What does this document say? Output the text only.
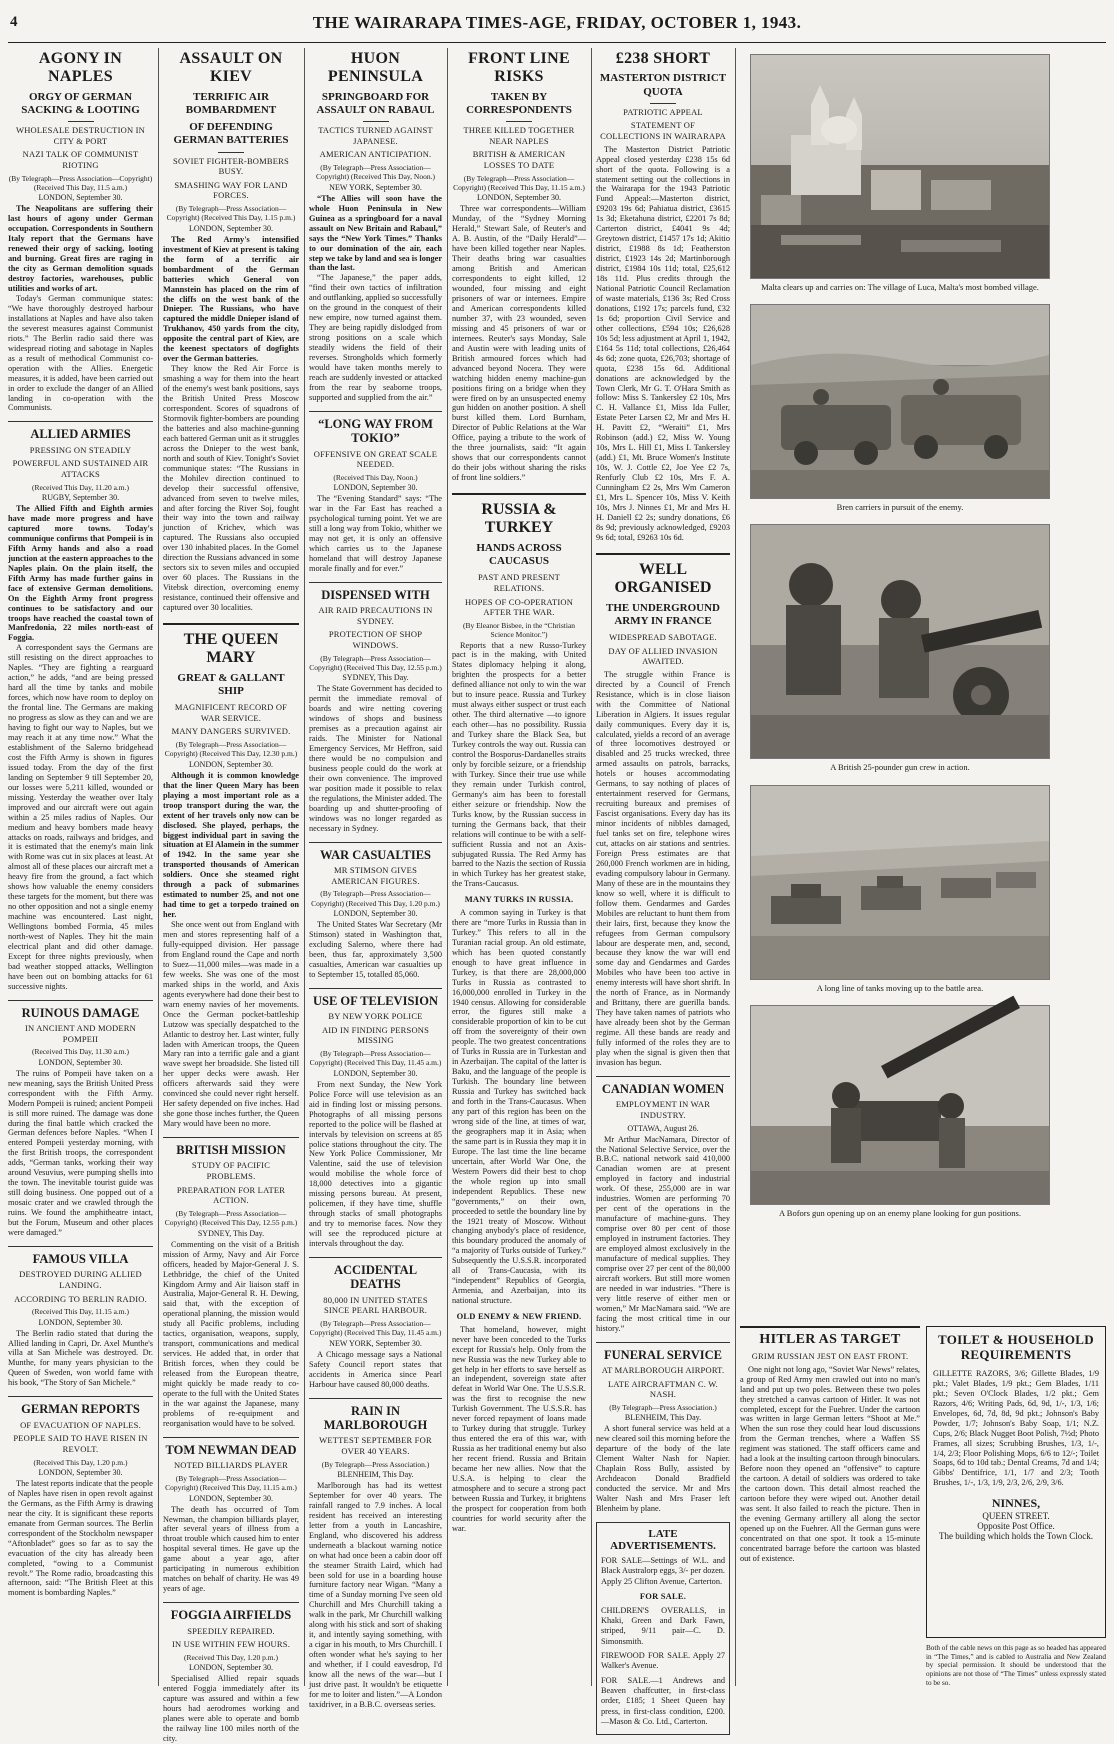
4	THE WAIRARAPA TIMES-AGE, FRIDAY, OCTOBER 1, 1943.
AGONY IN NAPLES
ORGY OF GERMAN SACKING & LOOTING
WHOLESALE DESTRUCTION IN CITY & PORT
NAZI TALK OF COMMUNIST RIOTING
(By Telegraph—Press Association—Copyright) (Received This Day, 11.5 a.m.)
LONDON, September 30.

The Neapolitans are suffering their last hours of agony under German occupation. Correspondents in Southern Italy report that the Germans have renewed their orgy of sacking, looting and burning. Great fires are raging in the city as German demolition squads destroy factories, warehouses, public utilities and works of art.

Today's German communique states: “We have thoroughly destroyed harbour installations at Naples and have also taken the severest measures against Communist riots.” The Berlin radio said there was widespread rioting and sabotage in Naples as a result of methodical Communist co-operation with the Allies. Energetic measures, it is added, have been carried out in order to exclude the danger of an Allied landing in co-operation with the Communists.

ALLIED ARMIES
PRESSING ON STEADILY
POWERFUL AND SUSTAINED AIR ATTACKS
(Received This Day, 11.20 a.m.)
RUGBY, September 30.

The Allied Fifth and Eighth armies have made more progress and have captured more towns. Today's communique confirms that Pompeii is in Fifth Army hands and also a road junction at the eastern approaches to the Naples plain. On the plain itself, the Fifth Army has made further gains in face of extensive German demolitions. On the Eighth Army front progress continues to be satisfactory and our troops have reached the coastal town of Manfredonia, 22 miles north-east of Foggia.

A correspondent says the Germans are still resisting on the direct approaches to Naples. “They are fighting a rearguard action,” he adds, “and are being pressed hard all the time by tanks and mobile forces, which now have room to deploy on the frontal line. The Germans are making no progress as slow as they can and we are having to fight our way to Naples, but we may reach it at any time now.” What the establishment of the Salerno bridgehead cost the Fifth Army is shown in figures issued today. From the day of the first landing on September 9 till September 20, our losses were 5,211 killed, wounded or missing. Yesterday the weather over Italy improved and our aircraft were out again within a 25 miles radius of Naples. Our medium and heavy bombers made heavy attacks on roads, railways and bridges, and it is estimated that the enemy's main link with Rome was cut in six places at least. At almost all of these places our aircraft met a heavy fire from the ground, a fact which shows how valuable the enemy considers these targets for the moment, but there was no other opposition and not a single enemy machine was encountered. Last night, Wellingtons bombed Formia, 45 miles north-west of Naples. They hit the main electrical plant and did other damage. Except for three nights previously, when bad weather stopped attacks, Wellington have been out on bombing attacks for 61 successive nights.

RUINOUS DAMAGE
IN ANCIENT AND MODERN POMPEII
(Received This Day, 11.30 a.m.)
LONDON, September 30.

The ruins of Pompeii have taken on a new meaning, says the British United Press correspondent with the Fifth Army. Modern Pompeii is ruined; ancient Pompeii is still more ruined. The damage was done during the final battle which cracked the German defences before Naples. “When I entered Pompeii yesterday morning, with the first British troops, the correspondent adds, “German tanks, working their way around Vesuvius, were pumping shells into the town. The inevitable tourist guide was still doing business. One popped out of a mosaic crater and we crawled through the ruins. We found the amphitheatre intact, but the Forum, Museum and other places were damaged.”

FAMOUS VILLA
DESTROYED DURING ALLIED LANDING.
ACCORDING TO BERLIN RADIO.
(Received This Day, 11.15 a.m.)
LONDON, September 30.

The Berlin radio stated that during the Allied landing in Capri, Dr. Axel Munthe's villa at San Michele was destroyed. Dr. Munthe, for many years physician to the Queen of Sweden, won world fame with his book, “The Story of San Michele.”

GERMAN REPORTS
OF EVACUATION OF NAPLES.
PEOPLE SAID TO HAVE RISEN IN REVOLT.
(Received This Day, 1.20 p.m.)
LONDON, September 30.

The latest reports indicate that the people of Naples have risen in open revolt against the Germans, as the Fifth Army is drawing near the city. It is significant these reports emanate from German sources. The Berlin correspondent of the Stockholm newspaper “Aftonbladet” goes so far as to say the evacuation of the city has already been completed, “owing to a Communist revolt.” The Rome radio, broadcasting this afternoon, said: “The British Fleet at this moment is bombarding Naples.”

ASSAULT ON KIEV
TERRIFIC AIR BOMBARDMENT
OF DEFENDING GERMAN BATTERIES
SOVIET FIGHTER-BOMBERS BUSY.
SMASHING WAY FOR LAND FORCES.
(By Telegraph—Press Association—Copyright) (Received This Day, 1.15 p.m.)
LONDON, September 30.

The Red Army's intensified investment of Kiev at present is taking the form of a terrific air bombardment of the German batteries which General von Mannstein has placed on the rim of the cliffs on the west bank of the Dnieper. The Russians, who have captured the middle Dnieper island of Trukhanov, 450 yards from the city, opposite the central part of Kiev, are the keenest spectators of dogfights over the German batteries.

They know the Red Air Force is smashing a way for them into the heart of the enemy's west bank positions, says the British United Press Moscow correspondent. Scores of squadrons of Stormovik fighter-bombers are pounding the batteries and also machine-gunning each battered German unit as it struggles across the Dnieper to the west bank, north and south of Kiev. Tonight's Soviet communique states: “The Russians in the Mohilev direction continued to develop their successful offensive, advanced from seven to twelve miles, and after forcing the River Soj, fought their way into the town and railway junction of Krichev, which was captured. The Russians also occupied over 130 inhabited places. In the Gomel direction the Russians advanced in some sectors six to seven miles and occupied over 60 places. The Russians in the Vitebsk direction, overcoming enemy resistance, continued their offensive and captured over 30 localities.

THE QUEEN MARY
GREAT & GALLANT SHIP
MAGNIFICENT RECORD OF WAR SERVICE.
MANY DANGERS SURVIVED.
(By Telegraph—Press Association—Copyright) (Received This Day, 12.30 p.m.)
LONDON, September 30.

Although it is common knowledge that the liner Queen Mary has been playing a most important role as a troop transport during the war, the extent of her travels only now can be disclosed. She played, perhaps, the biggest individual part in saving the situation at El Alamein in the summer of 1942. In the same year she transported thousands of American soldiers. Once she steamed right through a pack of submarines estimated to number 25, and not one had time to get a torpedo trained on her.

She once went out from England with men and stores representing half of a fully-equipped division. Her passage from England round the Cape and north to Suez—11,000 miles—was made in a few weeks. She was one of the most marked ships in the world, and Axis agents everywhere had done their best to warn enemy navies of her movements. Once the German pocket-battleship Lutzow was specially despatched to the Atlantic to destroy her. Last winter, fully laden with American troops, the Queen Mary ran into a terrific gale and a giant wave swept her broadside. She listed till her upper decks were awash. Her officers afterwards said they were convinced she could never right herself. Her safety depended on five inches. Had she gone those inches further, the Queen Mary would have been no more.

BRITISH MISSION
STUDY OF PACIFIC PROBLEMS.
PREPARATION FOR LATER ACTION.
(By Telegraph—Press Association—Copyright) (Received This Day, 12.55 p.m.)
SYDNEY, This Day.

Commenting on the visit of a British mission of Army, Navy and Air Force officers, headed by Major-General J. S. Lethbridge, the chief of the United Kingdom Army and Air liaison staff in Australia, Major-General R. H. Dewing, said that, with the exception of operational planning, the mission would study all Pacific problems, including tactics, organisation, weapons, supply, transport, communications and medical services. He added that, in order that British forces, when they could be released from the European theatre, might quickly be made ready to co-operate to the full with the United States in the war against the Japanese, many problems of re-equipment and reorganisation would have to be solved.

TOM NEWMAN DEAD
NOTED BILLIARDS PLAYER
(By Telegraph—Press Association—Copyright) (Received This Day, 11.15 a.m.)
LONDON, September 30.

The death has occurred of Tom Newman, the champion billiards player, after several years of illness from a throat trouble which caused him to enter hospital several times. He gave up the game about a year ago, after participating in numerous exhibition matches on behalf of charity. He was 49 years of age.

FOGGIA AIRFIELDS
SPEEDILY REPAIRED.
IN USE WITHIN FEW HOURS.
(Received This Day, 1.20 p.m.)
LONDON, September 30.

Specialised Allied repair squads entered Foggia immediately after its capture was assured and within a few hours had aerodromes working and planes were able to operate and bomb the railway line 100 miles north of the city.

HUON PENINSULA
SPRINGBOARD FOR ASSAULT ON RABAUL
TACTICS TURNED AGAINST JAPANESE.
AMERICAN ANTICIPATION.
(By Telegraph—Press Association—Copyright) (Received This Day, Noon.)
NEW YORK, September 30.

“The Allies will soon have the whole Huon Peninsula in New Guinea as a springboard for a naval assault on New Britain and Rabaul,” says the “New York Times.” Thanks to our domination of the air, each step we take by land and sea is longer than the last.

“The Japanese,” the paper adds, “find their own tactics of infiltration and outflanking, applied so successfully on the ground in the conquest of their new empire, now turned against them. They are being rapidly dislodged from strong positions on a scale which steadily widens the field of their reverses. Strongholds which formerly would have taken months merely to reach are suddenly invested or attacked from the rear by seaborne troops, supported and supplied from the air.”

“LONG WAY FROM TOKIO”
OFFENSIVE ON GREAT SCALE NEEDED.
(Received This Day, Noon.)
LONDON, September 30.

The “Evening Standard” says: “The war in the Far East has reached a psychological turning point. Yet we are still a long way from Tokio, whither we may not get, it is only an offensive which carries us to the Japanese homeland that will destroy Japanese morale finally and for ever.”

DISPENSED WITH
AIR RAID PRECAUTIONS IN SYDNEY.
PROTECTION OF SHOP WINDOWS.
(By Telegraph—Press Association—Copyright) (Received This Day, 12.55 p.m.)
SYDNEY, This Day.

The State Government has decided to permit the immediate removal of boards and wire netting covering windows of shops and business premises as a precaution against air raids. The Minister for National Emergency Services, Mr Heffron, said there would be no compulsion and business people could do the work at their own convenience. The improved war position made it possible to relax the regulations, the Minister added. The boarding up and shutter-proofing of windows was no longer regarded as necessary in Sydney.

WAR CASUALTIES
MR STIMSON GIVES AMERICAN FIGURES.
(By Telegraph—Press Association—Copyright) (Received This Day, 1.20 p.m.)
LONDON, September 30.

The United States War Secretary (Mr Stimson) stated in Washington that, excluding Salerno, where there had been, thus far, approximately 3,500 casualties, American war casualties up to September 15, totalled 85,060.

USE OF TELEVISION
BY NEW YORK POLICE
AID IN FINDING PERSONS MISSING
(By Telegraph—Press Association—Copyright) (Received This Day, 11.45 a.m.)
LONDON, September 30.

From next Sunday, the New York Police Force will use television as an aid in finding lost or missing persons. Photographs of all missing persons reported to the police will be flashed at intervals by television on screens at 85 police stations throughout the city. The New York Police Commissioner, Mr Valentine, said the use of television would mobilise the whole force of 18,000 detectives into a gigantic missing persons bureau. At present, policemen, if they have time, shuffle through stacks of small photographs and try to memorise faces. Now they will see the reproduced picture at intervals throughout the day.

ACCIDENTAL DEATHS
80,000 IN UNITED STATES SINCE PEARL HARBOUR.
(By Telegraph—Press Association—Copyright) (Received This Day, 11.45 a.m.)
NEW YORK, September 30.

A Chicago message says a National Safety Council report states that accidents in America since Pearl Harbour have caused 80,000 deaths.

RAIN IN MARLBOROUGH
WETTEST SEPTEMBER FOR OVER 40 YEARS.
(By Telegraph—Press Association.)
BLENHEIM, This Day.

Marlborough has had its wettest September for over 40 years. The rainfall ranged to 7.9 inches. A local resident has received an interesting letter from a youth in Lancashire, England, who discovered his address underneath a blackout warning notice on what had once been a cabin door off the steamer Straith Laird, which had been sold for use in a boarding house furniture factory near Wigan. “Many a time of a Sunday morning I've seen old Churchill and Mrs Churchill taking a walk in the park, Mr Churchill walking along with his stick and sort of shaking it, and intently saying something, with a cigar in his mouth, to Mrs Churchill. I often wonder what he's saying to her and whether, if I could eavesdrop, I'd know all the news of the war—but I just drive past. It wouldn't be etiquette for me to loiter and listen.”—A London taxidriver, in a B.B.C. overseas series.

FRONT LINE RISKS
TAKEN BY CORRESPONDENTS
THREE KILLED TOGETHER NEAR NAPLES
BRITISH & AMERICAN LOSSES TO DATE
(By Telegraph—Press Association—Copyright) (Received This Day, 11.15 a.m.)
LONDON, September 30.

Three war correspondents—William Munday, of the “Sydney Morning Herald,” Stewart Sale, of Reuter's and A. B. Austin, of the “Daily Herald”—have been killed together near Naples. Their deaths bring war casualties among British and American correspondents to eight killed, 12 wounded, four missing and eight prisoners of war or internees. Empire and American correspondents killed number 37, with 23 wounded, seven missing and 45 prisoners of war or internees. Reuter's says Monday, Sale and Austin were with leading units of British armoured forces which had advanced beyond Nocera. They were watching hidden enemy machine-gun positions firing on a bridge when they were fired on by an unsuspected enemy gun hidden on another position. A shell burst killed them. Lord Burnham, Director of Public Relations at the War Office, paying a tribute to the work of the three journalists, said: “It again shows that our correspondents cannot do their jobs without sharing the risks of front line soldiers.”

RUSSIA & TURKEY
HANDS ACROSS CAUCASUS
PAST AND PRESENT RELATIONS.
HOPES OF CO-OPERATION AFTER THE WAR.
(By Eleanor Bisbee, in the “Christian Science Monitor.”)

Reports that a new Russo-Turkey pact is in the making, with United States diplomacy helping it along, brighten the prospects for a better defined alliance not only to win the war but to insure peace. Russia and Turkey must always either suspect or trust each other. The third alternative —to ignore each other—has no possibility. Russia and Turkey share the Black Sea, but Turkey controls the way out. Russia can control the Bosporus-Dardanelles straits only by forcible seizure, or a friendship with Turkey. Since their true use while they remain under Turkish control, Germany's aim has been to forestall either seizure or friendship. Now the Turks know, by the Russian success in turning the Germans back, that their relations will continue to be with a self-sufficient Russia and not an Axis-subjugated Russia. The Red Army has barred to the Nazis the section of Russia in which Turkey has her greatest stake, the Trans-Caucasus.

MANY TURKS IN RUSSIA.

A common saying in Turkey is that there are “more Turks in Russia than in Turkey.” This refers to all in the Turanian racial group. An old estimate, which has been quoted constantly enough to have great influence in Turkey, is that there are 28,000,000 Turks in Russia as contrasted to 16,000,000 enrolled in Turkey in the 1940 census. Allowing for considerable error, the figures still make a considerable proportion of kin to be cut off from the sovereignty of their own people. The two greatest concentrations of Turks in Russia are in Turkestan and in Azerbaijan. The capital of the latter is Baku, and the language of the people is Turkish. The boundary line between Russia and Turkey has switched back and forth in the Trans-Caucasus. When any part of this region has been on the wrong side of the line, at times of war, the geographers map it in Asia; when the same part is in Russia they map it in Europe. The last time the line became uncertain, after World War One, the Western Powers did their best to chop the whole region up into small independent Republics. These new “governments,” on their own, proceeded to settle the boundary line by the 1921 treaty of Moscow. Without changing anybody's place of residence, this boundary produced the anomaly of “a majority of Turks outside of Turkey.” Subsequently the U.S.S.R. incorporated all of Trans-Caucasia, with its “independent” Republics of Georgia, Armenia, and Azerbaijan, into its national structure.

OLD ENEMY & NEW FRIEND.

That homeland, however, might never have been conceded to the Turks except for Russia's help. Only from the new Russia was the new Turkey able to get help in her efforts to save herself as an independent, sovereign state after defeat in World War One. The U.S.S.R. was the first to recognise the new Turkish Government. The U.S.S.R. has never forced repayment of loans made to Turkey during that struggle. Turkey thus entered the era of this war, with Russia as her traditional enemy but also her recent friend. Russia and Britain became her new allies. Now that the U.S.A. is helping to clear the atmosphere and to secure a strong pact between Russia and Turkey, it brightens the prospect for cooperation from both countries for world security after the war.

£238 SHORT
MASTERTON DISTRICT QUOTA
PATRIOTIC APPEAL
STATEMENT OF COLLECTIONS IN WAIRARAPA

The Masterton District Patriotic Appeal closed yesterday £238 15s 6d short of the quota. Following is a statement setting out the collections in the Wairarapa for the 1943 Patriotic Fund Appeal:—Masterton district, £9203 19s 6d; Pahiatua district, £3615 1s 3d; Eketahuna district, £2201 7s 8d; Carterton district, £4041 9s 4d; Greytown district, £1457 17s 1d; Akitio district, £1988 8s 1d; Featherston district, £1923 14s 2d; Martinborough district, £1984 10s 11d; total, £25,612 18s 11d. Plus credits through the National Patriotic Council Reclamation of waste materials, £136 3s; Red Cross donations, £192 17s; parcels fund, £32 1s 6d; proportion Civil Service and other collections, £594 10s; £26,628 10s 5d; less adjustment at April 1, 1942, £164 5s 11d; total collections, £26,464 4s 6d; zone quota, £26,703; shortage of quota, £238 15s 6d. Additional donations are acknowledged by the Town Clerk, Mr G. T. O'Hara Smith as follow: Miss S. Tankersley £2 10s, Mrs C. H. Vallance £1, Miss Ida Fuller, Estate Peter Larsen £2, Mr and Mrs H. H. Pavitt £2, “Weraiti” £1, Mrs Robinson (add.) £2, Miss W. Young 10s, Mrs L. Hill £1, Miss I. Tankersley (add.) £1, Mt. Bruce Women's Institute 10s, W. J. Cottle £2, Joe Yee £2 7s, Renfurly Club £2 10s, Mrs F. A. Cunningham £2 2s, Mrs Wm Cameron £1, Mrs L. Spencer 10s, Miss V. Keith 10s, Mrs J. Ninnes £1, Mr and Mrs H. H. Daniell £2 2s; sundry donations, £6 8s 9d; previously acknowledged, £9203 9s 6d; total, £9263 10s 6d.

WELL ORGANISED
THE UNDERGROUND ARMY IN FRANCE
WIDESPREAD SABOTAGE.
DAY OF ALLIED INVASION AWAITED.

The struggle within France is directed by a Council of French Resistance, which is in close liaison with the Committee of National Liberation in Algiers. It issues regular daily communiques. Every day it is, calculated, yields a record of an average of three locomotives destroyed or disabled and 25 trucks wrecked, three armed assaults on patrols, barracks, hotels or houses accommodating Germans, to say nothing of places of entertainment reserved for Germans, recruiting bureaux and premises of Fascist organisations. Every day has its minor incidents of nibbles damaged, fuel tanks set on fire, telephone wires cut, attacks on air stations and sentries. Foreign Press estimates are that 260,000 French workmen are in hiding, evading compulsory labour in Germany. Many of these are in the mountains they know so well, where it is difficult to follow them. Gendarmes and Gardes Mobiles are reluctant to hunt them from their lairs, first, because they know the refugees from German compulsory labour are desperate men, and, second, because they know the war will end some day and Gendarmes and Gardes Mobiles who have been too active in enemy interests will have short shrift. In the north of France, as in Normandy and Brittany, there are guerilla bands. They have taken names of patriots who have already been shot by the German regime. All these bands are ready and fully informed of the roles they are to play when the signal is given then that invasion has begun.

CANADIAN WOMEN
EMPLOYMENT IN WAR INDUSTRY.
OTTAWA, August 26.

Mr Arthur MacNamara, Director of the National Selective Service, over the B.B.C. national network said 410,000 Canadian women are at present employed in factory and industrial work. Of these, 255,000 are in war industries. Women are performing 70 per cent of the operations in the manufacture of machine-guns. They comprise over 80 per cent of those employed in instrument factories. They are employed almost exclusively in the manufacture of medical supplies. They comprise over 27 per cent of the 80,000 aircraft workers. But still more women are needed in war industries. “There is very little reserve of either men or women,” Mr MacNamara said. “We are facing the most critical time in our history.”

FUNERAL SERVICE
AT MARLBOROUGH AIRPORT.
LATE AIRCRAFTMAN C. W. NASH.
(By Telegraph—Press Association.)
BLENHEIM, This Day.

A short funeral service was held at a new cleared soil this morning before the departure of the body of the late Clement Walter Nash for Napier. Chaplain Ross Bully, assisted by Archdeacon Donald Bradfield conducted the service. Mr and Mrs Walter Nash and Mrs Fraser left Blenheim by plane.

LATE ADVERTISEMENTS.
FOR SALE—Settings of W.L. and Black Australorp eggs, 3/- per dozen. Apply 25 Clifton Avenue, Carterton.
FOR SALE.
CHILDREN'S OVERALLS, in Khaki, Green and Dark Fawn, striped, 9/11 pair—C. D. Simonsmith.
FIREWOOD FOR SALE. Apply 27 Walker's Avenue.
FOR SALE.—1 Andrews and Beaven chaffcutter, in first-class order, £185; 1 Sheet Queen hay press, in first-class condition, £200.—Mason & Co. Ltd., Carterton.
Malta clears up and carries on: The village of Luca, Malta's most bombed village.
Bren carriers in pursuit of the enemy.
A British 25-pounder gun crew in action.
A long line of tanks moving up to the battle area.
A Bofors gun opening up on an enemy plane looking for gun positions.
HITLER AS TARGET
GRIM RUSSIAN JEST ON EAST FRONT.

One night not long ago, “Soviet War News” relates, a group of Red Army men crawled out into no man's land and put up two poles. Between these two poles they stretched a canvas cartoon of Hitler. It was not completed, except for the Fuehrer. Under the cartoon was written in large German letters “Shoot at Me.” When the sun rose they could hear loud discussions from the German trenches, where a Waffen SS regiment was stationed. The staff officers came and had a look at the insulting cartoon through binoculars. Before noon they opened an “offensive” to capture the cartoon. A detail of soldiers was ordered to take the cartoon down. This detail almost reached the cartoon before they were wiped out. Another detail was sent. It also failed to reach the picture. Then in the evening Germany artillery all along the sector opened up on the Fuehrer. All the German guns were concentrated on that one spot. It took a 15-minute concentrated barrage before the cartoon was blasted out of existence.

TOILET & HOUSEHOLD REQUIREMENTS

GILLETTE RAZORS, 3/6; Gillette Blades, 1/9 pkt.; Valet Blades, 1/9 pkt.; Gem Blades, 1/11 pkt.; Seven O'Clock Blades, 1/2 pkt.; Gem Razors, 4/6; Writing Pads, 6d, 9d, 1/-, 1/3, 1/6; Envelopes, 6d, 7d, 8d, 9d pkt.; Johnson's Baby Powder, 1/7; Johnson's Baby Soap, 1/1; N.Z. Cups, 2/6; Black Nugget Boot Polish, 7½d; Photo Frames, all sizes; Scrubbing Brushes, 1/3, 1/-, 1/4, 2/3; Floor Polishing Mops, 6/6 to 12/-; Toilet Soaps, 6d to 10d tab.; Dental Creams, 7d and 1/4; Gibbs' Dentifrice, 1/1, 1/7 and 2/3; Tooth Brushes, 1/-, 1/3, 1/9, 2/3, 2/6, 2/9, 3/6.

NINNES,
QUEEN STREET.
Opposite Post Office.
The building which holds the Town Clock.
Both of the cable news on this page as so headed has appeared in “The Times,” and is cabled to Australia and New Zealand by special permission. It should be understood that the opinions are not those of “The Times” unless expressly stated to be so.
